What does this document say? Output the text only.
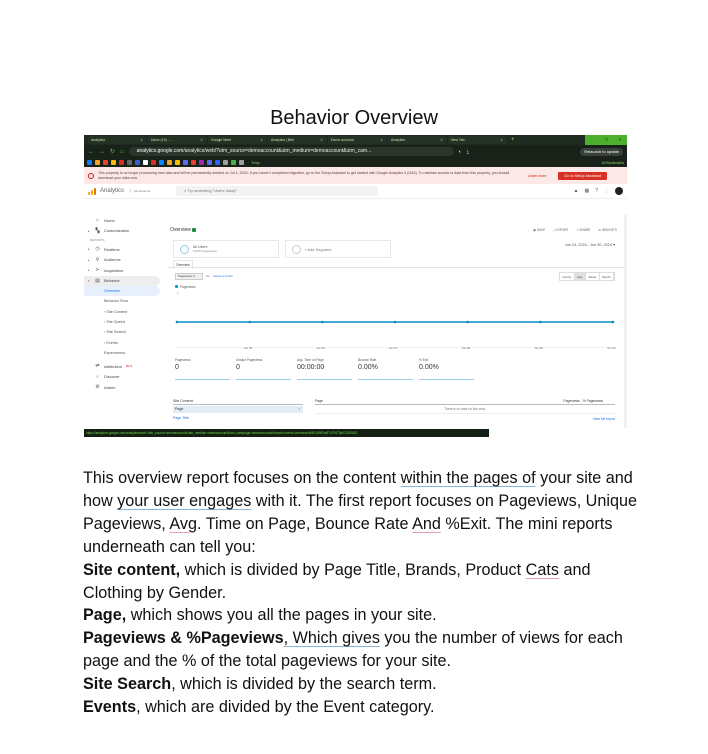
Behavior Overview
Analytics	✕ Inbox (19) - ...	✕ Google Meet	✕ Analytics | Beh	✕ Demo account	✕ Analytics	✕ New Tab	✕ +	–	❐	✕
← → ↻ ⌂	analytics.google.com/analytics/web/?utm_source=demoaccount&utm_medium=demoaccount&utm_cam...	◐ ⤓	Relaunch to update
Temp	All Bookmarks
!
This property is no longer processing new data and will be permanently deleted on Jul 1, 2024. If you haven't completed migration, go to the Setup Assistant to get started with Google Analytics 4 (GA4). To maintain access to data from this property, you should download your data now.	Learn more	Go to Setup Assistant
Analytics	All accounts	⌕ Try searching "Users today"	▲ ▦ ? ⋮
⌂ Home
▸ ▚ Customization
REPORTS
▸ ◷ Realtime
▸ ⚲ Audience
▸ ≻ Acquisition
▾ ▤ Behavior
Overview
Behavior Flow
› Site Content
› Site Speed
› Site Search
› Events
Experiments
⇄ Attribution BETA
♁ Discover
⚙ Admin
Overview	▣ SAVE	⤓ EXPORT	< SHARE	⊛ INSIGHTS
Jun 24, 2024 - Jun 30, 2024 ▾
All Users
0.00% Pageviews	+ Add Segment
Overview
Pageviews ▾	vs. Select a metric	Hourly	Day	Week	Month
Pageviews
1
Jun 25	Jun 26	Jun 27	Jun 28	Jun 29	Jun 30
Pageviews
0
Unique Pageviews
0
Avg. Time on Page
00:00:00
Bounce Rate
0.00%
% Exit
0.00%
Site Content
Page	›
Page Title
Page	Pageviews % Pageviews
There is no data for this view.
View full report
https://analytics.google.com/analytics/web/?utm_source=demoaccount&utm_medium=demoaccount&utm_campaign=demoaccount#/report/content-overview/a54516992w87479473p92320582/
This overview report focuses on the content within the pages of your site and how your user engages with it. The first report focuses on Pageviews, Unique Pageviews, Avg. Time on Page, Bounce Rate And %Exit. The mini reports underneath can tell you:
Site content, which is divided by Page Title, Brands, Product Cats and Clothing by Gender.
Page, which shows you all the pages in your site.
Pageviews & %Pageviews, Which gives you the number of views for each page and the % of the total pageviews for your site.
Site Search, which is divided by the search term.
Events, which are divided by the Event category.
